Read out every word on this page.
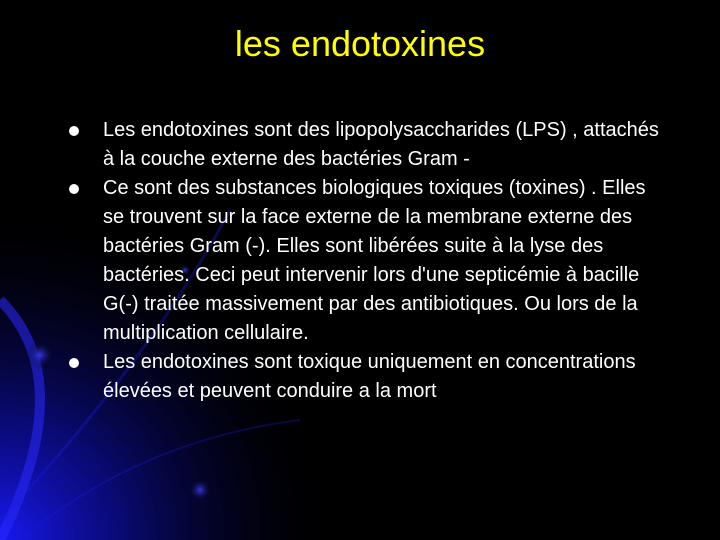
les endotoxines
Les endotoxines sont des lipopolysaccharides (LPS) , attachés à la couche externe des bactéries Gram -
Ce sont des substances biologiques toxiques (toxines) . Elles se trouvent sur la face externe de la membrane externe des bactéries Gram (-). Elles sont libérées suite à la lyse des bactéries. Ceci peut intervenir lors d'une septicémie à bacille G(-) traitée massivement par des antibiotiques. Ou lors de la multiplication cellulaire.
Les endotoxines sont toxique uniquement en concentrations élevées et peuvent conduire a la mort
